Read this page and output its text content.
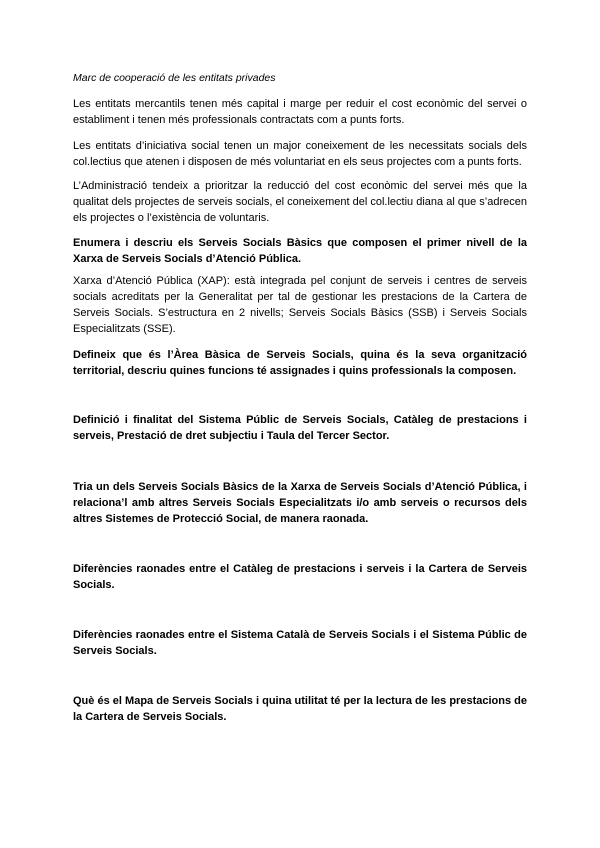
Marc de cooperació de les entitats privades

Les entitats mercantils tenen més capital i marge per reduir el cost econòmic del servei o establiment i tenen més professionals contractats com a punts forts.

Les entitats d’iniciativa social tenen un major coneixement de les necessitats socials dels col.lectius que atenen i disposen de més voluntariat en els seus projectes com a punts forts.

L’Administració tendeix a prioritzar la reducció del cost econòmic del servei més que la qualitat dels projectes de serveis socials, el coneixement del col.lectiu diana al que s’adrecen els projectes o l’existència de voluntaris.

Enumera i descriu els Serveis Socials Bàsics que composen el primer nivell de la Xarxa de Serveis Socials d’Atenció Pública.

Xarxa d’Atenció Pública (XAP): està integrada pel conjunt de serveis i centres de serveis socials acreditats per la Generalitat per tal de gestionar les prestacions de la Cartera de Serveis Socials. S’estructura en 2 nivells; Serveis Socials Bàsics (SSB) i Serveis Socials Especialitzats (SSE).

Defineix que és l’Àrea Bàsica de Serveis Socials, quina és la seva organització territorial, descriu quines funcions té assignades i quins professionals la composen.

Definició i finalitat del Sistema Públic de Serveis Socials, Catàleg de prestacions i serveis, Prestació de dret subjectiu i Taula del Tercer Sector.

Tria un dels Serveis Socials Bàsics de la Xarxa de Serveis Socials d’Atenció Pública, i relaciona’l amb altres Serveis Socials Especialitzats i/o amb serveis o recursos dels altres Sistemes de Protecció Social, de manera raonada.

Diferències raonades entre el Catàleg de prestacions i serveis i la Cartera de Serveis Socials.

Diferències raonades entre el Sistema Català de Serveis Socials i el Sistema Públic de Serveis Socials.

Què és el Mapa de Serveis Socials i quina utilitat té per la lectura de les prestacions de la Cartera de Serveis Socials.
